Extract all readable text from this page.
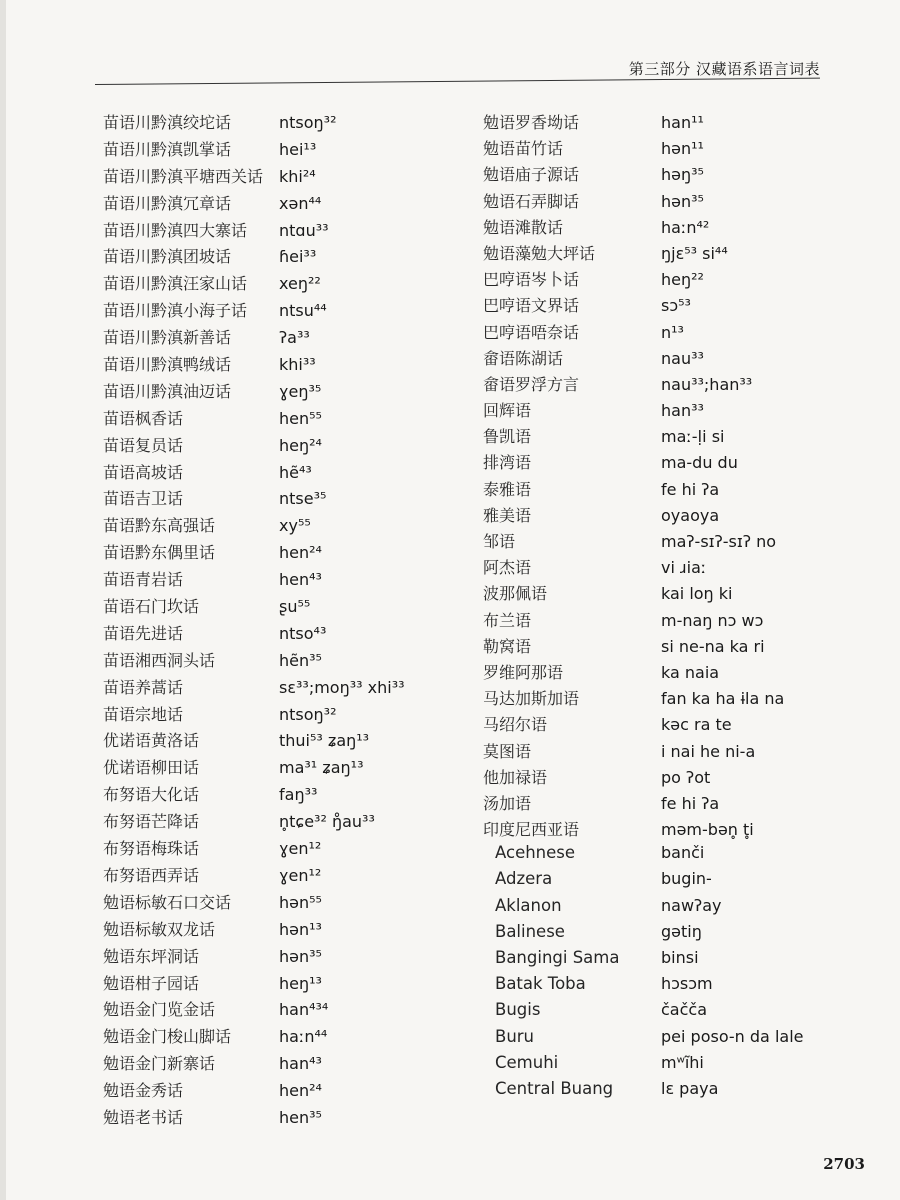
第三部分 汉藏语系语言词表
苗语川黔滇绞坨话	ntsoŋ³²
苗语川黔滇凯掌话	hei¹³
苗语川黔滇平塘西关话 khi²⁴
苗语川黔滇冗章话	xən⁴⁴
苗语川黔滇四大寨话	ntɑu³³
苗语川黔滇团坡话	ɦei³³
苗语川黔滇汪家山话	xeŋ²²
苗语川黔滇小海子话	ntsu⁴⁴
苗语川黔滇新善话	ʔa³³
苗语川黔滇鸭绒话	khi³³
苗语川黔滇油迈话	ɣeŋ³⁵
苗语枫香话	hen⁵⁵
苗语复员话	heŋ²⁴
苗语高坡话	hẽ⁴³
苗语吉卫话	ntse³⁵
苗语黔东高强话	xy⁵⁵
苗语黔东偶里话	hen²⁴
苗语青岩话	hen⁴³
苗语石门坎话	ʂu⁵⁵
苗语先进话	ntso⁴³
苗语湘西洞头话	hẽn³⁵
苗语养蒿话	sɛ³³;moŋ³³ xhi³³
苗语宗地话	ntsoŋ³²
优诺语黄洛话	thui⁵³ ʑaŋ¹³
优诺语柳田话	ma³¹ ʑaŋ¹³
布努语大化话	faŋ³³
布努语芒降话	n̥tɕe³² ŋ̊au³³
布努语梅珠话	ɣen¹²
布努语西弄话	ɣen¹²
勉语标敏石口交话	hən⁵⁵
勉语标敏双龙话	hən¹³
勉语东坪洞话	hən³⁵
勉语柑子园话	heŋ¹³
勉语金门览金话	han⁴³⁴
勉语金门梭山脚话	haːn⁴⁴
勉语金门新寨话	han⁴³
勉语金秀话	hen²⁴
勉语老书话	hen³⁵
勉语罗香坳话	han¹¹
勉语苗竹话	hən¹¹
勉语庙子源话	həŋ³⁵
勉语石弄脚话	hən³⁵
勉语滩散话	haːn⁴²
勉语藻勉大坪话	ŋjɛ⁵³ si⁴⁴
巴哼语岑卜话	heŋ²²
巴哼语文界话	sɔ⁵³
巴哼语唔奈话	n¹³
畲语陈湖话	nau³³
畲语罗浮方言	nau³³;han³³
回辉语	han³³
鲁凯语	maː-ḷi si
排湾语	ma-du du
泰雅语	fe hi ʔa
雅美语	oyaoya
邹语	maʔ-sɪʔ-sɪʔ no
阿杰语	vi ɹiaː
波那佩语	kai loŋ ki
布兰语	m-naŋ nɔ wɔ
勒窝语	si ne-na ka ri
罗维阿那语	ka naia
马达加斯加语	fan ka ha ɨla na
马绍尔语	kəc ra te
莫图语	i nai he ni-a
他加禄语	po ʔot
汤加语	fe hi ʔa
印度尼西亚语	məm-bən̥ t̥i
Acehnese	banči
Adzera	bugin-
Aklanon	nawʔay
Balinese	gətiŋ
Bangingi Sama	binsi
Batak Toba	hɔsɔm
Bugis	čačča
Buru	pei poso-n da lale
Cemuhi	mʷĩhi
Central Buang	lɛ paya
2703
